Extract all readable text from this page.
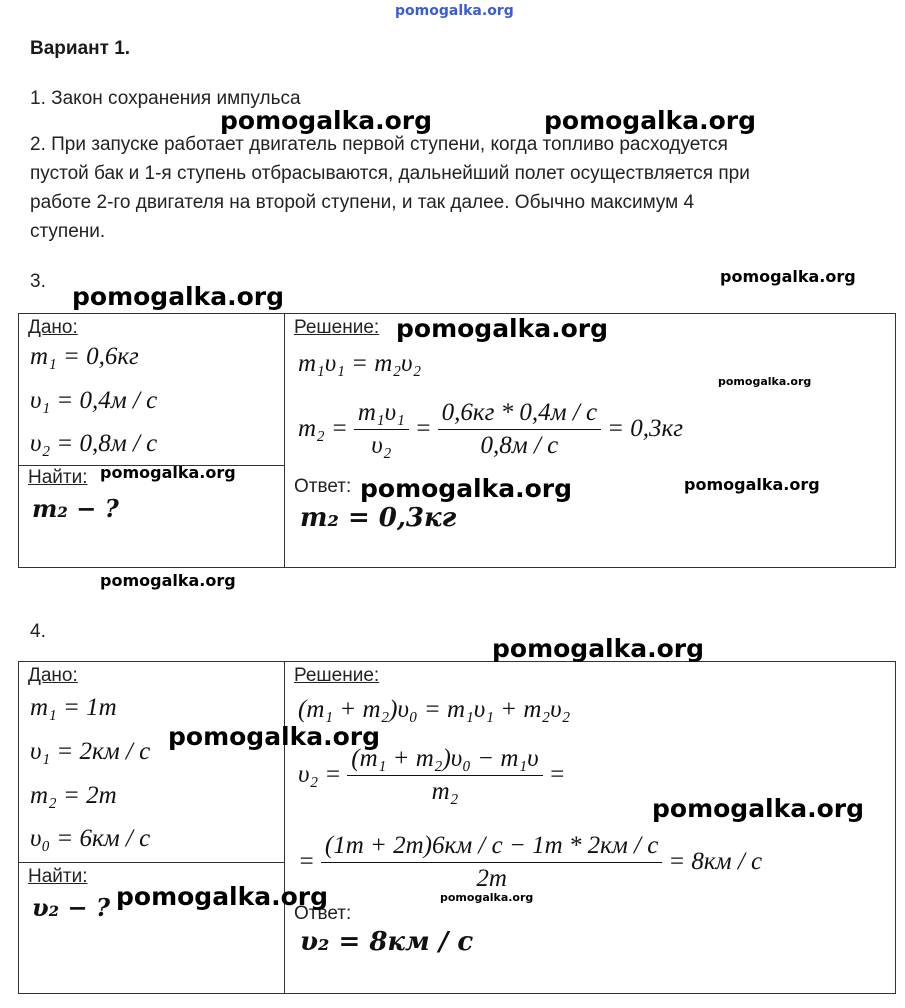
pomogalka.org
Вариант 1.
1. Закон сохранения импульса
2. При запуске работает двигатель первой ступени, когда топливо расходуется
пустой бак и 1-я ступень отбрасываются, дальнейший полет осуществляется при
работе 2-го двигателя на второй ступени, и так далее. Обычно максимум 4
ступени.
3.
Дано:
m₁ = 0,6кг
υ₁ = 0,4м / с
υ₂ = 0,8м / с
Найти:
m₂ − ?
Решение:
m₁υ₁ = m₂υ₂
$m_2 = \frac{\text{m₁υ₁}}{\text{υ₂}} = \frac{0,6кг * 0,4м / с}{0,8м / с} = 0,3кг$
Ответ:
m₂ = 0,3кг
4.
Дано:
m₁ = 1т
υ₁ = 2км / с
m₂ = 2т
υ₀ = 6км / с
Найти:
υ₂ − ?
Решение:
(m₁ + m₂)υ₀ = m₁υ₁ + m₂υ₂
$\upsilon_2 = \frac{\text{(m₁ + m₂)υ₀ − m₁υ}}{\text{m₂}}$ =
= $\frac{(1т + 2т)6км / с - 1т * 2км / с}{2т} = 8км / с$
Ответ:
υ₂ = 8км / с
pomogalka.org	pomogalka.org
pomogalka.org
pomogalka.org
pomogalka.org
pomogalka.org
pomogalka.org
pomogalka.org	pomogalka.org
pomogalka.org
pomogalka.org
pomogalka.org
pomogalka.org
pomogalka.org	pomogalka.org
